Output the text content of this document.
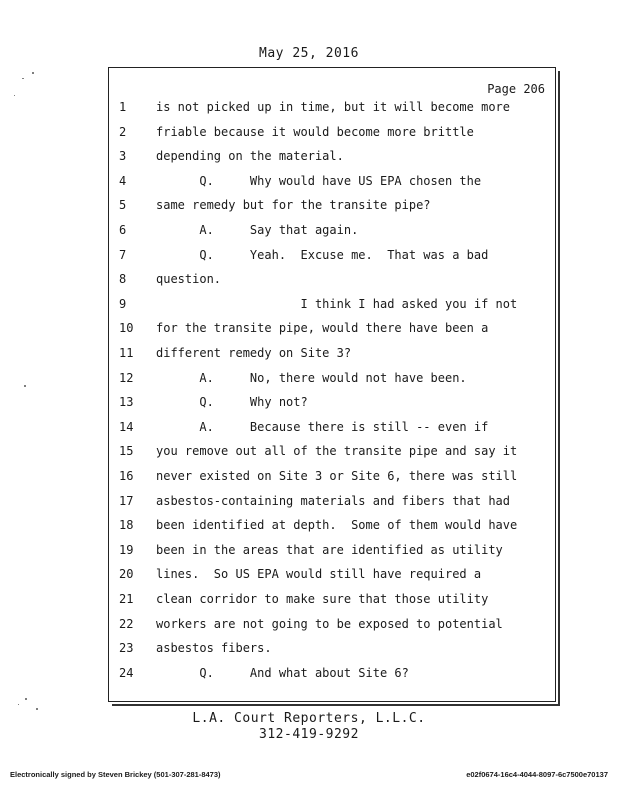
May 25, 2016
Page 206
1	is not picked up in time, but it will become more
2	friable because it would become more brittle
3	depending on the material.
4	Q.     Why would have US EPA chosen the
5	same remedy but for the transite pipe?
6	A.     Say that again.
7	Q.     Yeah.  Excuse me.  That was a bad
8	question.
9	I think I had asked you if not
10	for the transite pipe, would there have been a
11	different remedy on Site 3?
12	A.     No, there would not have been.
13	Q.     Why not?
14	A.     Because there is still -- even if
15	you remove out all of the transite pipe and say it
16	never existed on Site 3 or Site 6, there was still
17	asbestos-containing materials and fibers that had
18	been identified at depth.  Some of them would have
19	been in the areas that are identified as utility
20	lines.  So US EPA would still have required a
21	clean corridor to make sure that those utility
22	workers are not going to be exposed to potential
23	asbestos fibers.
24	Q.     And what about Site 6?
L.A. Court Reporters, L.L.C.
312-419-9292
Electronically signed by Steven Brickey (501-307-281-8473)	e02f0674-16c4-4044-8097-6c7500e70137
